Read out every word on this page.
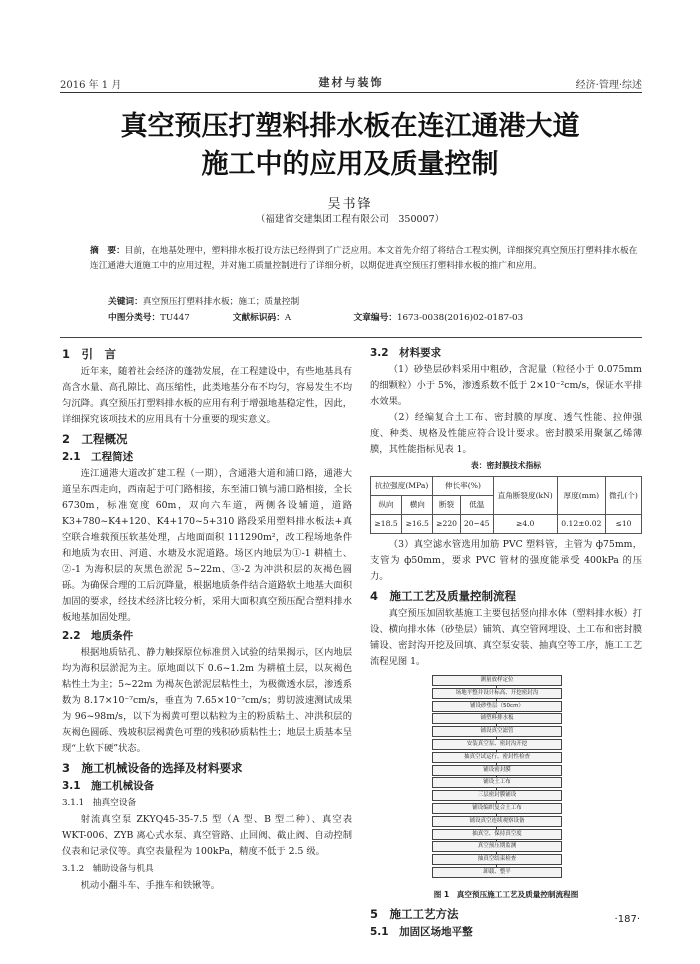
2016 年 1 月	建材与装饰	经济·管理·综述
真空预压打塑料排水板在连江通港大道
施工中的应用及质量控制
吴书锋
（福建省交建集团工程有限公司　350007）
摘　要：目前，在地基处理中，塑料排水板打设方法已经得到了广泛应用。本文首先介绍了将结合工程实例，详细探究真空预压打塑料排水板在连江通港大道施工中的应用过程，并对施工质量控制进行了详细分析，以期促进真空预压打塑料排水板的推广和应用。
关键词：真空预压打塑料排水板；施工；质量控制
中图分类号：TU447	文献标识码：A	文章编号：1673-0038(2016)02-0187-03
1　引　言

近年来，随着社会经济的蓬勃发展，在工程建设中，有些地基具有高含水量、高孔隙比、高压缩性，此类地基分布不均匀，容易发生不均匀沉降。真空预压打塑料排水板的应用有利于增强地基稳定性，因此，详细探究该项技术的应用具有十分重要的现实意义。

2　工程概况
2.1　工程简述

连江通港大道改扩建工程（一期），含通港大道和浦口路，通港大道呈东西走向，西南起于可门路相接，东至浦口镇与浦口路相接，全长 6730m，标准宽度 60m，双向六车道，两侧各设辅道，道路 K3+780~K4+120、K4+170~5+310 路段采用塑料排水板法+真空联合堆载预压软基处理，占地面面积 111290m²，改工程场地条件和地质为农田、河道、水塘及水泥道路。场区内地层为①-1 耕植土、②-1 为海积层的灰黑色淤泥 5~22m、③-2 为冲洪积层的灰褐色圆砾。为确保合理的工后沉降量，根据地质条件结合道路软土地基大面积加固的要求，经技术经济比较分析，采用大面积真空预压配合塑料排水板地基加固处理。

2.2　地质条件

根据地质钻孔、静力触探原位标准贯入试验的结果揭示，区内地层均为海积层淤泥为主。原地面以下 0.6~1.2m 为耕植土层，以灰褐色粘性土为主；5~22m 为褐灰色淤泥层粘性土，为极微透水层，渗透系数为 8.17×10⁻⁷cm/s，垂直为 7.65×10⁻⁷cm/s；剪切波速测试成果为 96~98m/s，以下为褐黄可塑以粘粒为主的粉质粘土、冲洪积层的灰褐色圆砾、残坡积层褐黄色可塑的残积砂质粘性土；地层土质基本呈现“上软下硬”状态。

3　施工机械设备的选择及材料要求
3.1　施工机械设备
3.1.1　抽真空设备

射流真空泵 ZKYQ45-35-7.5 型（A 型、B 型二种）、真空表 WKT-006、ZYB 离心式水泵、真空管路、止回阀、截止阀、自动控制仪表和记录仪等。真空表量程为 100kPa，精度不低于 2.5 级。

3.1.2　辅助设备与机具

机动小翻斗车、手推车和铁锹等。

3.2　材料要求

（1）砂垫层砂料采用中粗砂，含泥量（粒径小于 0.075mm 的细颗粒）小于 5%，渗透系数不低于 2×10⁻²cm/s，保证水平排水效果。

（2）经编复合土工布、密封膜的厚度、透气性能、拉伸强度、种类、规格及性能应符合设计要求。密封膜采用聚氯乙烯薄膜，其性能指标见表 1。

表：密封膜技术指标
抗拉强度(MPa)		伸长率(%)		直角断裂度(kN)	厚度(mm)	微孔(个)
纵向	横向	断裂	低温			
≥18.5	≥16.5	≥220	20~45	≥4.0	0.12±0.02	≤10

（3）真空滤水管选用加筋 PVC 塑料管，主管为 ф75mm，支管为 ф50mm，要求 PVC 管材的强度能承受 400kPa 的压力。

4　施工工艺及质量控制流程

真空预压加固软基施工主要包括竖向排水体（塑料排水板）打设、横向排水体（砂垫层）铺筑、真空管网埋设、土工布和密封膜铺设、密封沟开挖及回填、真空泵安装、抽真空等工序，施工工艺流程见图 1。

测量放样定位
场地平整并设计标高、开挖密封沟
铺设砂垫层（50cm）
铺塑料排水板
铺设真空滤管
安装真空泵、密封沟开挖
抽真空试运行、密封性检查
铺设密封膜
铺设土工布
三层密封膜铺设
铺设编织复合土工布
铺设真空连续观察设备
抽真空、保持真空度
真空预压期监测
抽真空结束检查
卸载、整平
图 1　真空预压施工工艺及质量控制流程图
5　施工工艺方法
5.1　加固区场地平整
·187·
